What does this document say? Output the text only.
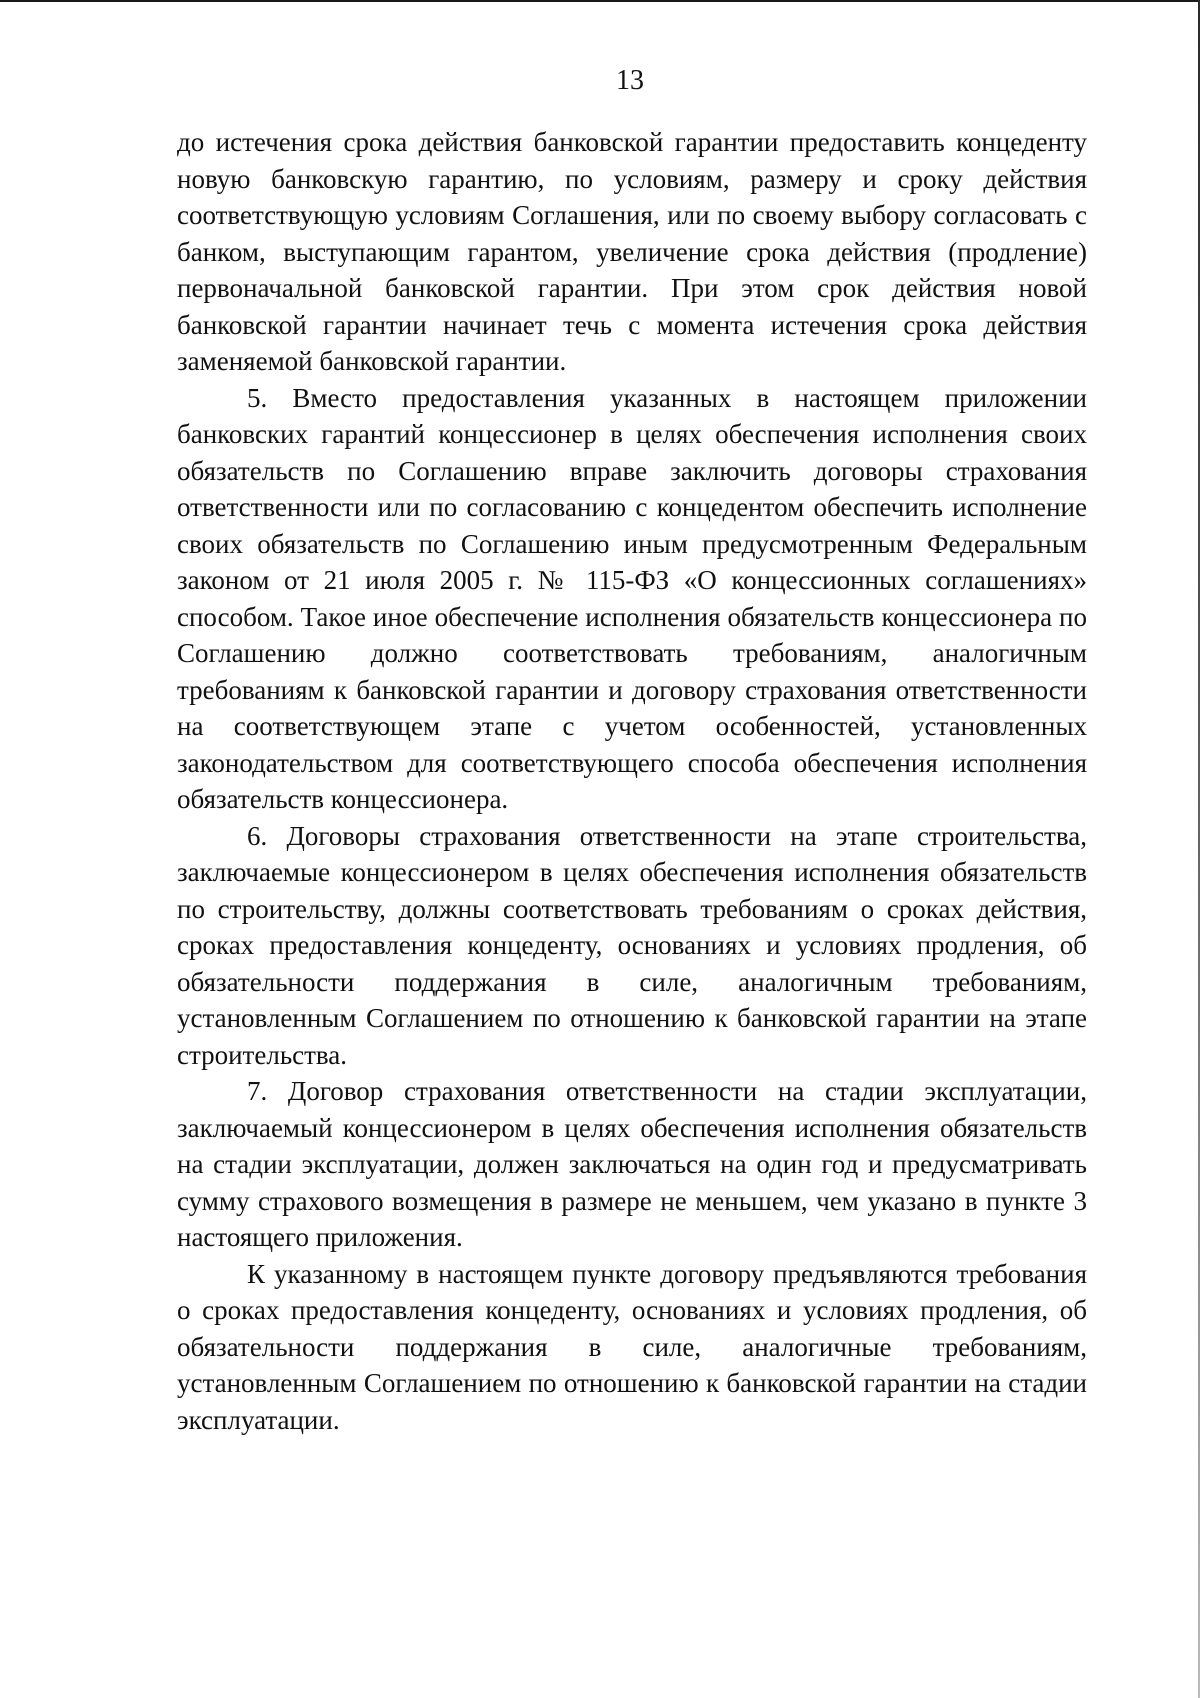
13

до истечения срока действия банковской гарантии предоставить концеденту новую банковскую гарантию, по условиям, размеру и сроку действия соответствующую условиям Соглашения, или по своему выбору согласовать с банком, выступающим гарантом, увеличение срока действия (продление) первоначальной банковской гарантии. При этом срок действия новой банковской гарантии начинает течь с момента истечения срока действия заменяемой банковской гарантии.

5. Вместо предоставления указанных в настоящем приложении банковских гарантий концессионер в целях обеспечения исполнения своих обязательств по Соглашению вправе заключить договоры страхования ответственности или по согласованию с концедентом обеспечить исполнение своих обязательств по Соглашению иным предусмотренным Федеральным законом от 21 июля 2005 г. № 115-ФЗ «О концессионных соглашениях» способом. Такое иное обеспечение исполнения обязательств концессионера по Соглашению должно соответствовать требованиям, аналогичным требованиям к банковской гарантии и договору страхования ответственности на соответствующем этапе с учетом особенностей, установленных законодательством для соответствующего способа обеспечения исполнения обязательств концессионера.

6. Договоры страхования ответственности на этапе строительства, заключаемые концессионером в целях обеспечения исполнения обязательств по строительству, должны соответствовать требованиям о сроках действия, сроках предоставления концеденту, основаниях и условиях продления, об обязательности поддержания в силе, аналогичным требованиям, установленным Соглашением по отношению к банковской гарантии на этапе строительства.

7. Договор страхования ответственности на стадии эксплуатации, заключаемый концессионером в целях обеспечения исполнения обязательств на стадии эксплуатации, должен заключаться на один год и предусматривать сумму страхового возмещения в размере не меньшем, чем указано в пункте 3 настоящего приложения.

К указанному в настоящем пункте договору предъявляются требования о сроках предоставления концеденту, основаниях и условиях продления, об обязательности поддержания в силе, аналогичные требованиям, установленным Соглашением по отношению к банковской гарантии на стадии эксплуатации.
